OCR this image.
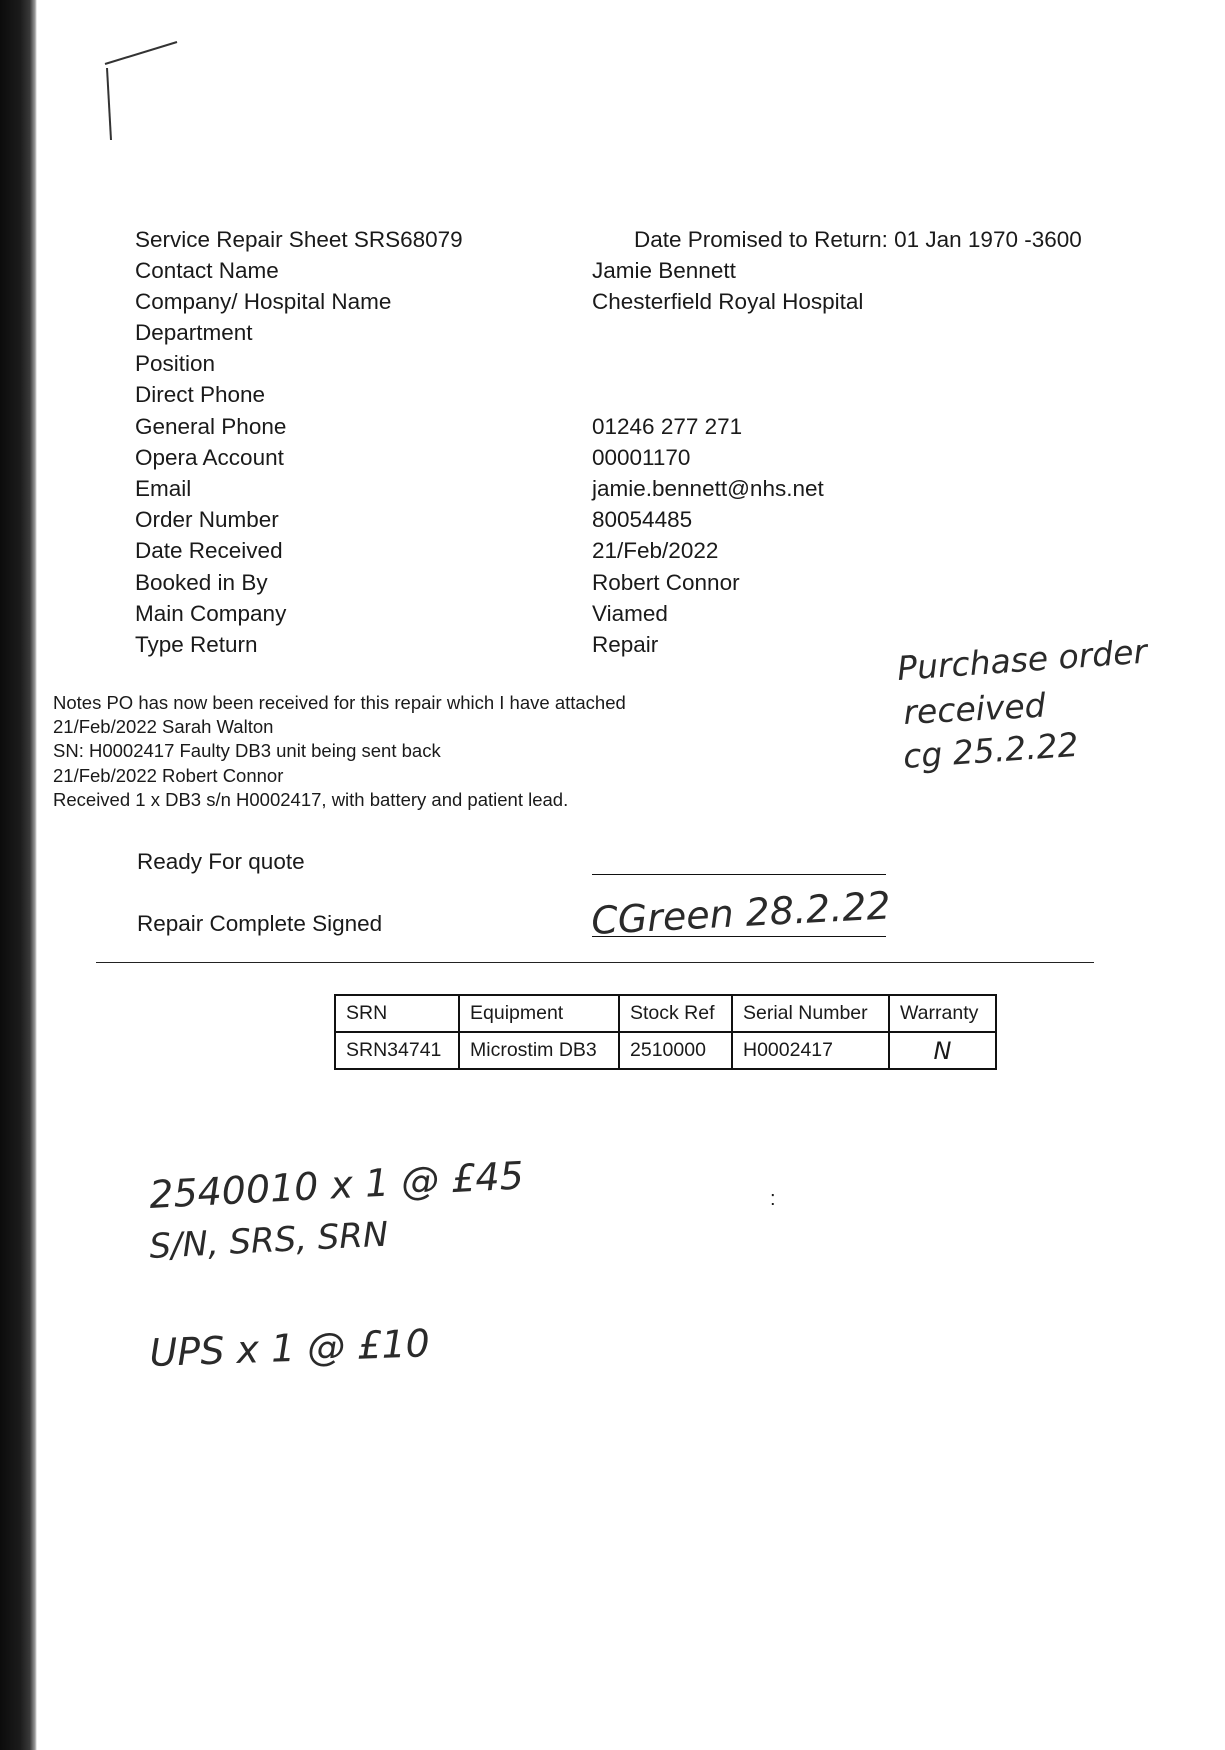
Service Repair Sheet SRS68079	Date Promised to Return: 01 Jan 1970 -3600
Contact Name	Jamie Bennett
Company/ Hospital Name	Chesterfield Royal Hospital
Department
Position
Direct Phone
General Phone	01246 277 271
Opera Account	00001170
Email	jamie.bennett@nhs.net
Order Number	80054485
Date Received	21/Feb/2022
Booked in By	Robert Connor
Main Company	Viamed
Type Return	Repair
Notes PO has now been received for this repair which I have attached
21/Feb/2022 Sarah Walton
SN: H0002417 Faulty DB3 unit being sent back
21/Feb/2022 Robert Connor
Received 1 x DB3 s/n H0002417, with battery and patient lead.
Ready For quote
Repair Complete Signed
SRN	Equipment	Stock Ref	Serial Number	Warranty
SRN34741	Microstim DB3	2510000	H0002417	N
Purchase order
received
cg 25.2.22
CGreen 28.2.22
2540010 x 1 @ £45
S/N, SRS, SRN
UPS x 1 @ £10
:
